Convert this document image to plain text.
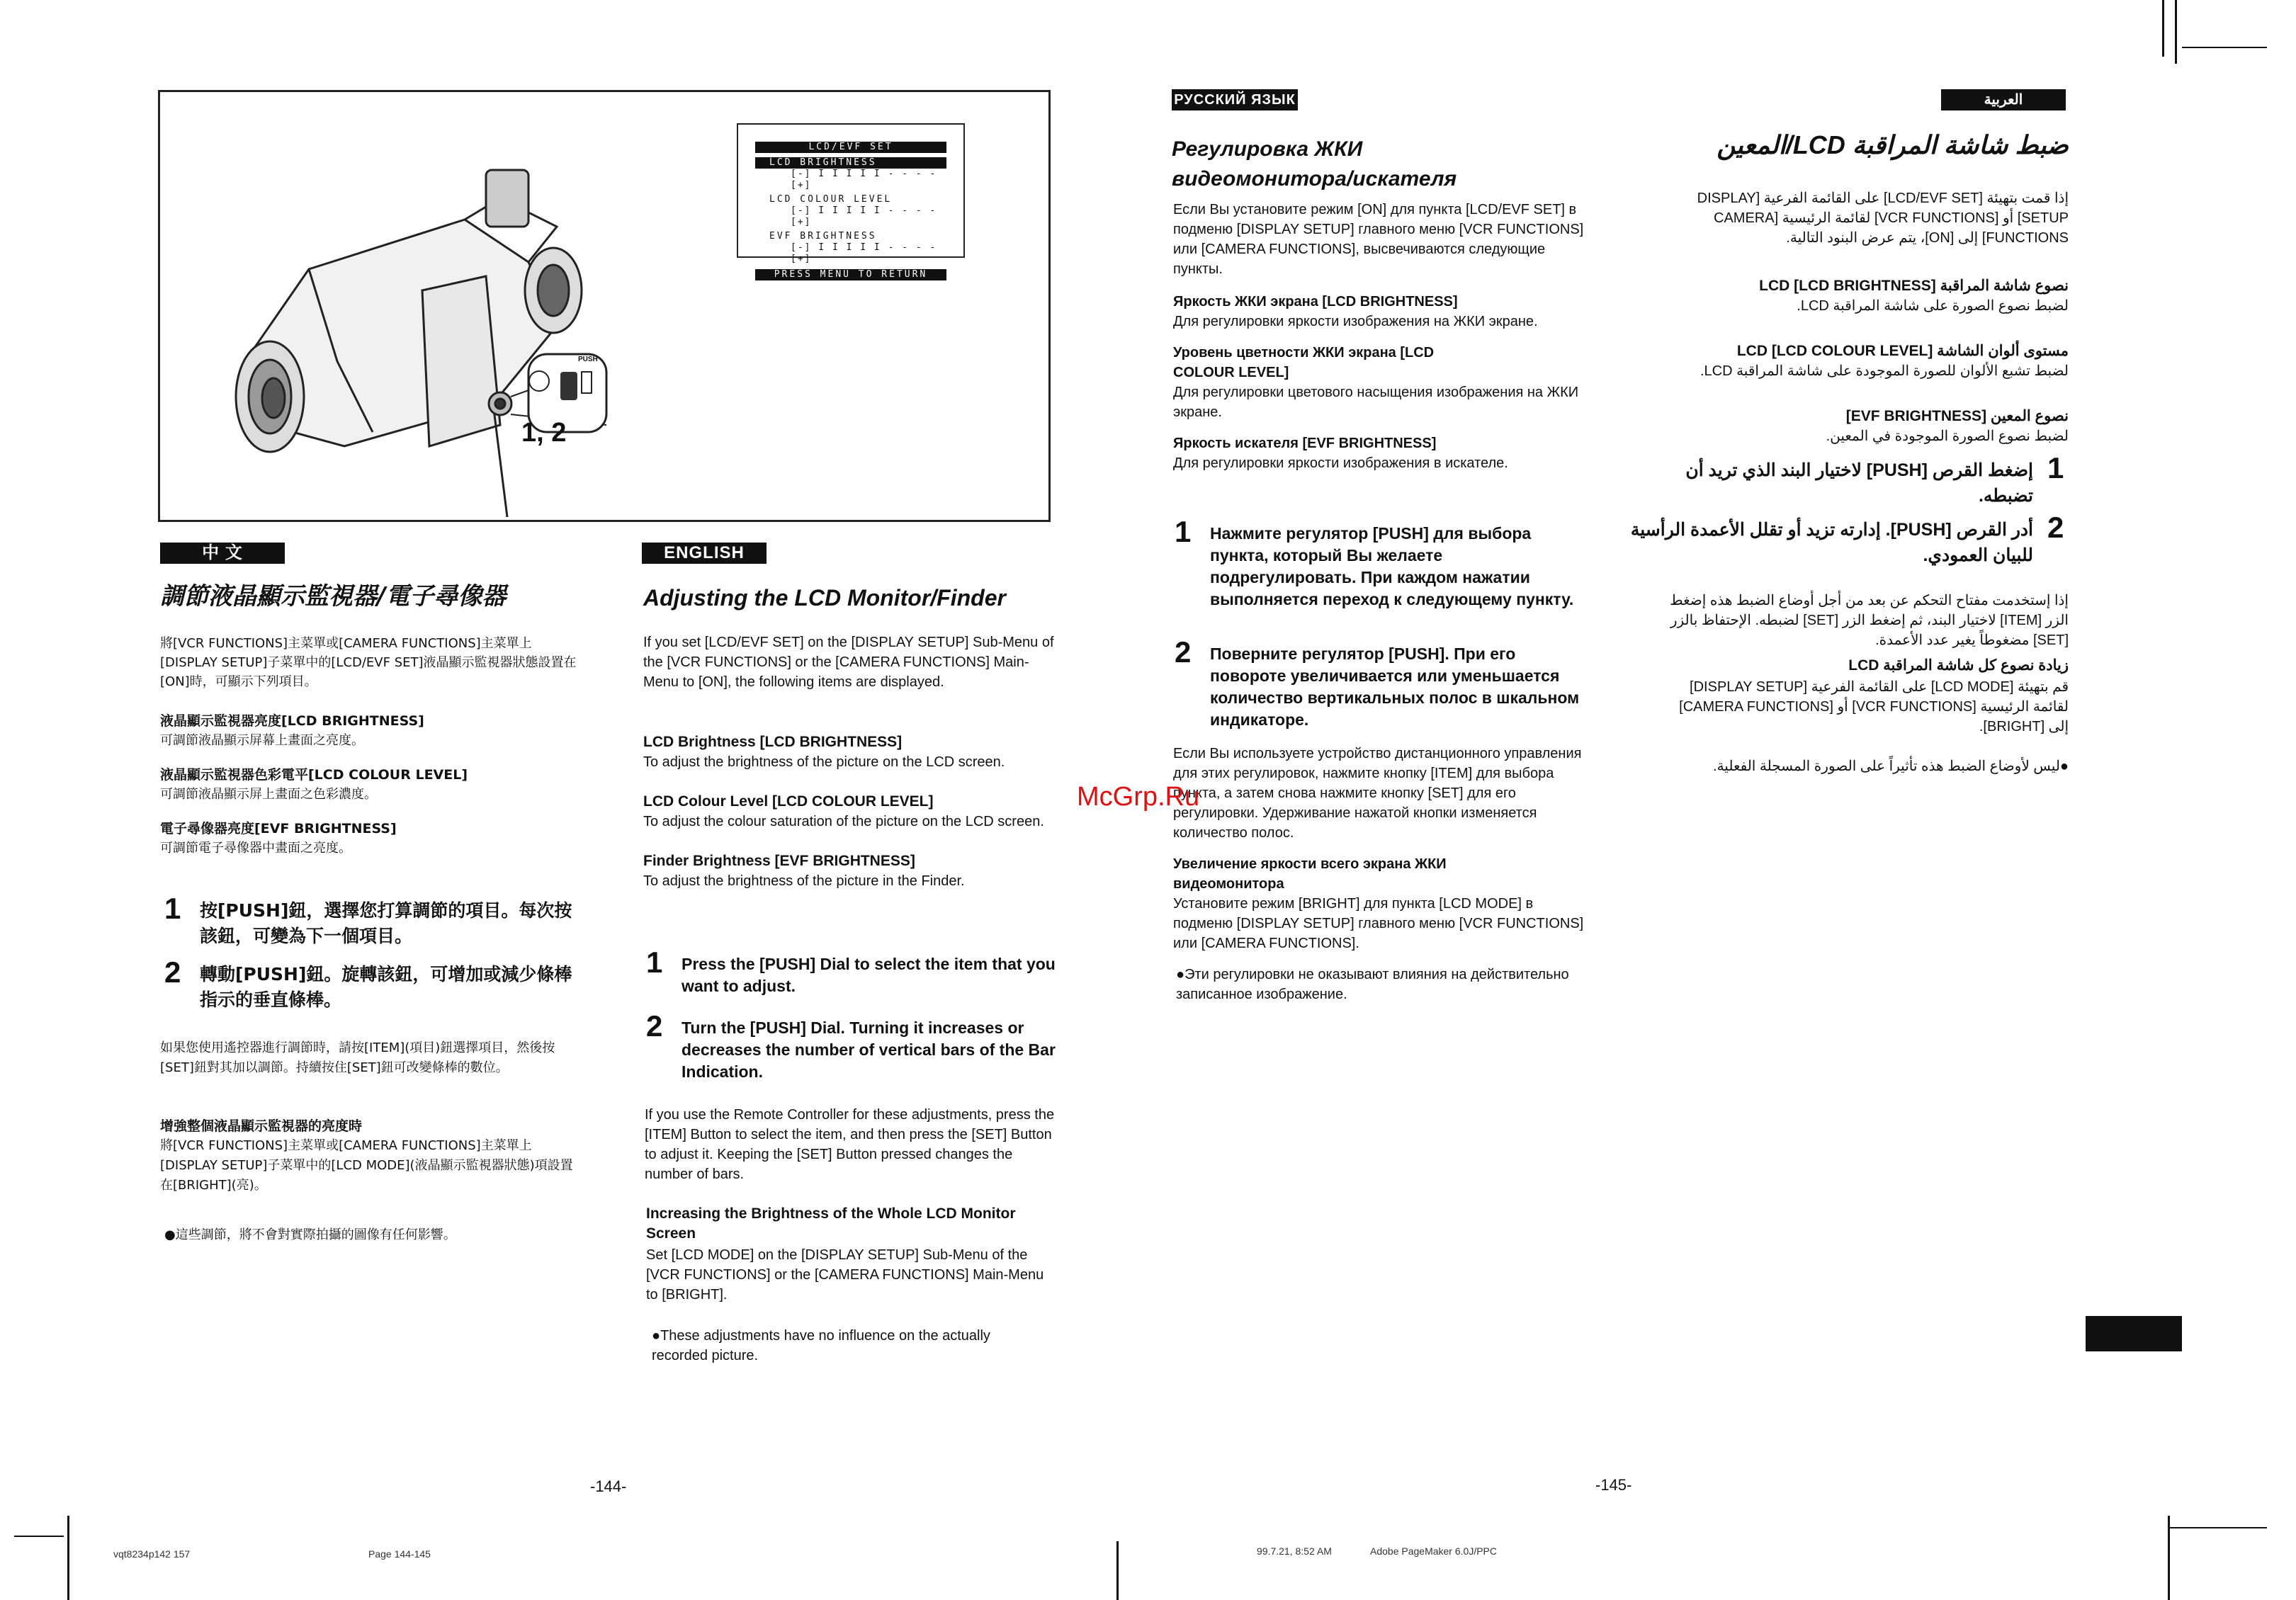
PUSH
1, 2
LCD/EVF SET
LCD BRIGHTNESS
[-] I I I I I - - - - [+]
LCD COLOUR LEVEL
[-] I I I I I - - - - [+]
EVF BRIGHTNESS
[-] I I I I I - - - - [+]
PRESS MENU TO RETURN
中 文
調節液晶顯示監視器/電子尋像器
將[VCR FUNCTIONS]主菜單或[CAMERA FUNCTIONS]主菜單上[DISPLAY SETUP]子菜單中的[LCD/EVF SET]液晶顯示監視器狀態設置在[ON]時，可顯示下列項目。
液晶顯示監視器亮度[LCD BRIGHTNESS]
可調節液晶顯示屏幕上畫面之亮度。
液晶顯示監視器色彩電平[LCD COLOUR LEVEL]
可調節液晶顯示屏上畫面之色彩濃度。
電子尋像器亮度[EVF BRIGHTNESS]
可調節電子尋像器中畫面之亮度。
1 按[PUSH]鈕，選擇您打算調節的項目。每次按該鈕，可變為下一個項目。
2 轉動[PUSH]鈕。旋轉該鈕，可增加或減少條棒指示的垂直條棒。
如果您使用遙控器進行調節時，請按[ITEM](項目)鈕選擇項目，然後按[SET]鈕對其加以調節。持續按住[SET]鈕可改變條棒的數位。
增強整個液晶顯示監視器的亮度時
將[VCR FUNCTIONS]主菜單或[CAMERA FUNCTIONS]主菜單上[DISPLAY SETUP]子菜單中的[LCD MODE](液晶顯示監視器狀態)項設置在[BRIGHT](亮)。
●這些調節，將不會對實際拍攝的圖像有任何影響。
ENGLISH
Adjusting the LCD Monitor/Finder
If you set [LCD/EVF SET] on the [DISPLAY SETUP] Sub-Menu of the [VCR FUNCTIONS] or the [CAMERA FUNCTIONS] Main-Menu to [ON], the following items are displayed.
LCD Brightness [LCD BRIGHTNESS]
To adjust the brightness of the picture on the LCD screen.
LCD Colour Level [LCD COLOUR LEVEL]
To adjust the colour saturation of the picture on the LCD screen.
Finder Brightness [EVF BRIGHTNESS]
To adjust the brightness of the picture in the Finder.
1 Press the [PUSH] Dial to select the item that you want to adjust.
2 Turn the [PUSH] Dial. Turning it increases or decreases the number of vertical bars of the Bar Indication.
If you use the Remote Controller for these adjustments, press the [ITEM] Button to select the item, and then press the [SET] Button to adjust it. Keeping the [SET] Button pressed changes the number of bars.
Increasing the Brightness of the Whole LCD Monitor Screen
Set [LCD MODE] on the [DISPLAY SETUP] Sub-Menu of the [VCR FUNCTIONS] or the [CAMERA FUNCTIONS] Main-Menu to [BRIGHT].
●These adjustments have no influence on the actually recorded picture.
РУССКИЙ ЯЗЫК
Регулировка ЖКИ видеомонитора/искателя
Если Вы установите режим [ON] для пункта [LCD/EVF SET] в подменю [DISPLAY SETUP] главного меню [VCR FUNCTIONS] или [CAMERA FUNCTIONS], высвечиваются следующие пункты.
Яркость ЖКИ экрана [LCD BRIGHTNESS]
Для регулировки яркости изображения на ЖКИ экране.
Уровень цветности ЖКИ экрана [LCD COLOUR LEVEL]
Для регулировки цветового насыщения изображения на ЖКИ экране.
Яркость искателя [EVF BRIGHTNESS]
Для регулировки яркости изображения в искателе.
1 Нажмите регулятор [PUSH] для выбора пункта, который Вы желаете подрегулировать. При каждом нажатии выполняется переход к следующему пункту.
2 Поверните регулятор [PUSH]. При его повороте увеличивается или уменьшается количество вертикальных полос в шкальном индикаторе.
Если Вы используете устройство дистанционного управления для этих регулировок, нажмите кнопку [ITEM] для выбора пункта, а затем снова нажмите кнопку [SET] для его регулировки. Удерживание нажатой кнопки изменяется количество полос.
Увеличение яркости всего экрана ЖКИ видеомонитора
Установите режим [BRIGHT] для пункта [LCD MODE] в подменю [DISPLAY SETUP] главного меню [VCR FUNCTIONS] или [CAMERA FUNCTIONS].
●Эти регулировки не оказывают влияния на действительно записанное изображение.
العربية
ضبط شاشة المراقبة LCD/المعين
إذا قمت بتهيئة [LCD/EVF SET] على القائمة الفرعية [DISPLAY SETUP] أو [VCR FUNCTIONS] لقائمة الرئيسية [CAMERA FUNCTIONS] إلى [ON]، يتم عرض البنود التالية.
نصوع شاشة المراقبة LCD [LCD BRIGHTNESS]
لضبط نصوع الصورة على شاشة المراقبة LCD.
مستوى ألوان الشاشة LCD [LCD COLOUR LEVEL]
لضبط تشبع الألوان للصورة الموجودة على شاشة المراقبة LCD.
نصوع المعين [EVF BRIGHTNESS]
لضبط نصوع الصورة الموجودة في المعين.
1
إضغط القرص [PUSH] لاختيار البند الذي تريد أن تضبطه.
2
أدر القرص [PUSH]. إدارته تزيد أو تقلل الأعمدة الرأسية للبيان العمودي.
إذا إستخدمت مفتاح التحكم عن بعد من أجل أوضاع الضبط هذه إضغط الزر [ITEM] لاختيار البند، ثم إضغط الزر [SET] لضبطه. الإحتفاظ بالزر [SET] مضغوطاً يغير عدد الأعمدة.
زيادة نصوع كل شاشة المراقبة LCD
قم بتهيئة [LCD MODE] على القائمة الفرعية [DISPLAY SETUP] لقائمة الرئيسية [VCR FUNCTIONS] أو [CAMERA FUNCTIONS] إلى [BRIGHT].
●ليس لأوضاع الضبط هذه تأثيراً على الصورة المسجلة الفعلية.
McGrp.Ru
-144-	-145-
vqt8234p142 157	Page 144-145	99.7.21, 8:52 AM	Adobe PageMaker 6.0J/PPC
